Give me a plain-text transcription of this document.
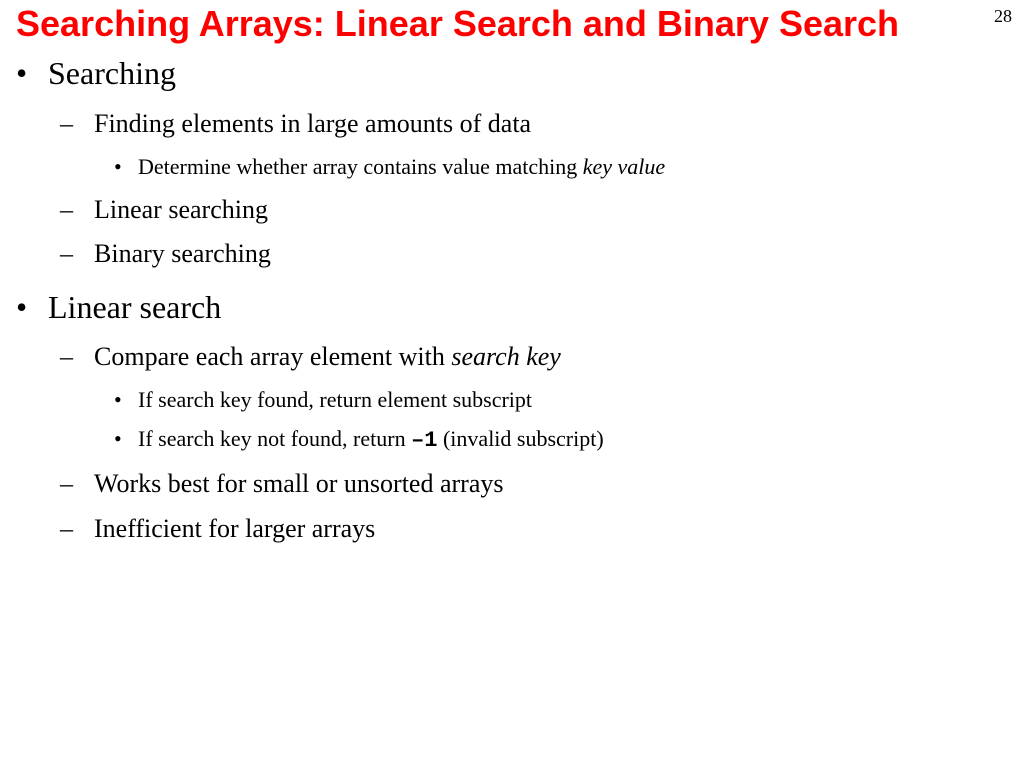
Searching Arrays: Linear Search and Binary Search	28
• Searching
– Finding elements in large amounts of data
• Determine whether array contains value matching key value
– Linear searching
– Binary searching
• Linear search
– Compare each array element with search key
• If search key found, return element subscript
• If search key not found, return –1 (invalid subscript)
– Works best for small or unsorted arrays
– Inefficient for larger arrays
